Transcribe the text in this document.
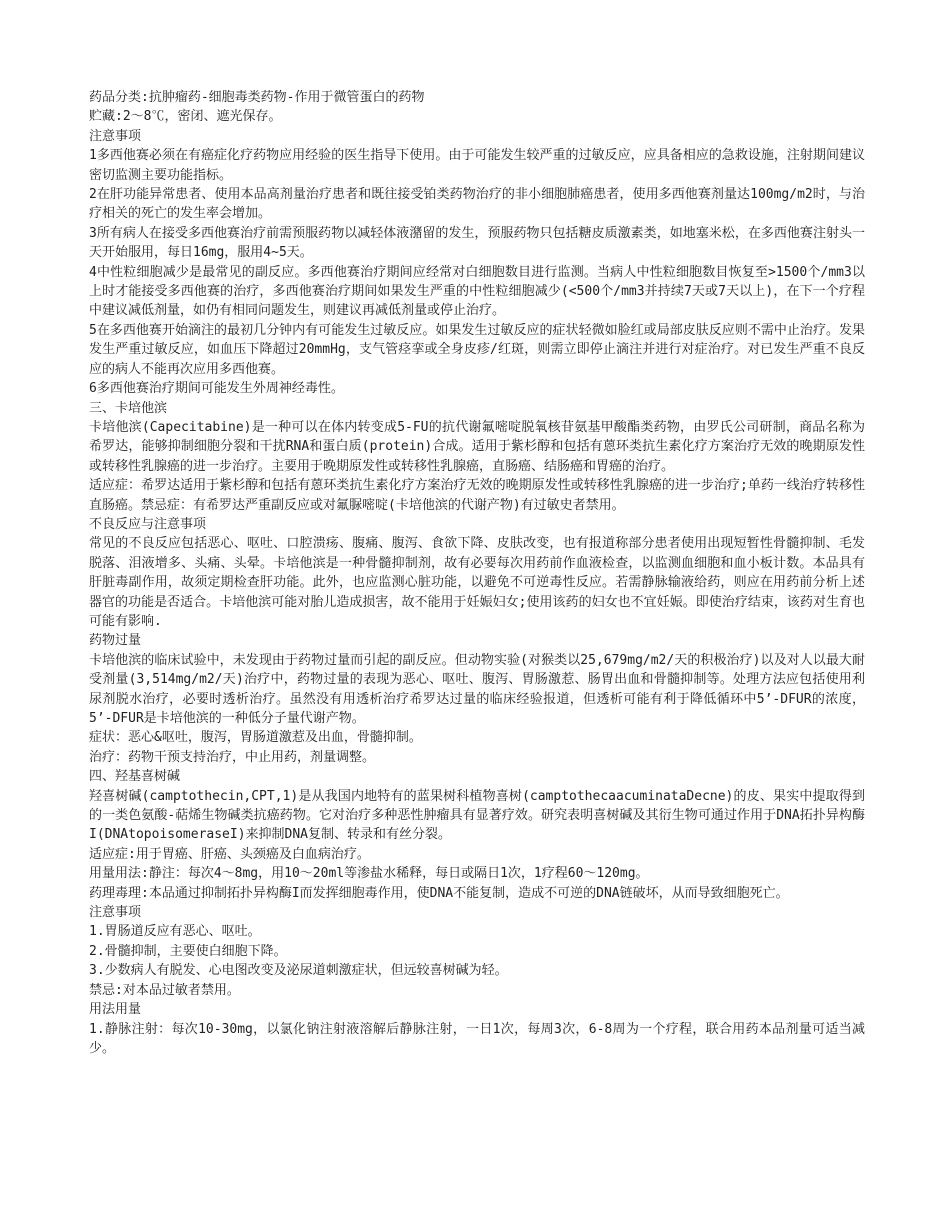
药品分类:抗肿瘤药-细胞毒类药物-作用于微管蛋白的药物

贮藏:2～8℃，密闭、遮光保存。

注意事项

1多西他赛必须在有癌症化疗药物应用经验的医生指导下使用。由于可能发生较严重的过敏反应，应具备相应的急救设施，注射期间建议密切监测主要功能指标。

2在肝功能异常患者、使用本品高剂量治疗患者和既往接受铂类药物治疗的非小细胞肺癌患者，使用多西他赛剂量达100mg/m2时，与治疗相关的死亡的发生率会增加。

3所有病人在接受多西他赛治疗前需预服药物以减轻体液潴留的发生，预服药物只包括糖皮质激素类，如地塞米松，在多西他赛注射头一天开始服用，每日16mg，服用4~5天。

4中性粒细胞减少是最常见的副反应。多西他赛治疗期间应经常对白细胞数目进行监测。当病人中性粒细胞数目恢复至>1500个/mm3以上时才能接受多西他赛的治疗，多西他赛治疗期间如果发生严重的中性粒细胞减少(<500个/mm3并持续7天或7天以上)，在下一个疗程中建议减低剂量，如仍有相同问题发生，则建议再减低剂量或停止治疗。

5在多西他赛开始滴注的最初几分钟内有可能发生过敏反应。如果发生过敏反应的症状轻微如脸红或局部皮肤反应则不需中止治疗。发果发生严重过敏反应，如血压下降超过20mmHg，支气管痉挛或全身皮疹/红斑，则需立即停止滴注并进行对症治疗。对已发生严重不良反应的病人不能再次应用多西他赛。

6多西他赛治疗期间可能发生外周神经毒性。

三、卡培他滨

卡培他滨(Capecitabine)是一种可以在体内转变成5-FU的抗代谢氟嘧啶脱氧核苷氨基甲酸酯类药物，由罗氏公司研制，商品名称为希罗达，能够抑制细胞分裂和干扰RNA和蛋白质(protein)合成。适用于紫杉醇和包括有蒽环类抗生素化疗方案治疗无效的晚期原发性或转移性乳腺癌的进一步治疗。主要用于晚期原发性或转移性乳腺癌，直肠癌、结肠癌和胃癌的治疗。

适应症：希罗达适用于紫杉醇和包括有蒽环类抗生素化疗方案治疗无效的晚期原发性或转移性乳腺癌的进一步治疗;单药一线治疗转移性直肠癌。禁忌症：有希罗达严重副反应或对氟脲嘧啶(卡培他滨的代谢产物)有过敏史者禁用。

不良反应与注意事项

常见的不良反应包括恶心、呕吐、口腔溃疡、腹痛、腹泻、食欲下降、皮肤改变，也有报道称部分患者使用出现短暂性骨髓抑制、毛发脱落、泪液增多、头痛、头晕。卡培他滨是一种骨髓抑制剂，故有必要每次用药前作血液检查，以监测血细胞和血小板计数。本品具有肝脏毒副作用，故须定期检查肝功能。此外，也应监测心脏功能，以避免不可逆毒性反应。若需静脉输液给药，则应在用药前分析上述器官的功能是否适合。卡培他滨可能对胎儿造成损害，故不能用于妊娠妇女;使用该药的妇女也不宜妊娠。即使治疗结束，该药对生育也可能有影响.

药物过量

卡培他滨的临床试验中，未发现由于药物过量而引起的副反应。但动物实验(对猴类以25,679mg/m2/天的积极治疗)以及对人以最大耐受剂量(3,514mg/m2/天)治疗中，药物过量的表现为恶心、呕吐、腹泻、胃肠激惹、肠胃出血和骨髓抑制等。处理方法应包括使用利尿剂脱水治疗，必要时透析治疗。虽然没有用透析治疗希罗达过量的临床经验报道，但透析可能有利于降低循环中5’-DFUR的浓度，5’-DFUR是卡培他滨的一种低分子量代谢产物。

症状：恶心&呕吐，腹泻，胃肠道激惹及出血，骨髓抑制。

治疗：药物干预支持治疗，中止用药，剂量调整。

四、羟基喜树碱

羟喜树碱(camptothecin,CPT,1)是从我国内地特有的蓝果树科植物喜树(camptothecaacuminataDecne)的皮、果实中提取得到的一类色氨酸-萜烯生物碱类抗癌药物。它对治疗多种恶性肿瘤具有显著疗效。研究表明喜树碱及其衍生物可通过作用于DNA拓扑异构酶I(DNAtopoisomeraseI)来抑制DNA复制、转录和有丝分裂。

适应症:用于胃癌、肝癌、头颈癌及白血病治疗。

用量用法:静注：每次4～8mg，用10～20ml等渗盐水稀释，每日或隔日1次，1疗程60～120mg。

药理毒理:本品通过抑制拓扑异构酶I而发挥细胞毒作用，使DNA不能复制，造成不可逆的DNA链破坏，从而导致细胞死亡。

注意事项

1.胃肠道反应有恶心、呕吐。

2.骨髓抑制，主要使白细胞下降。

3.少数病人有脱发、心电图改变及泌尿道刺激症状，但远较喜树碱为轻。

禁忌:对本品过敏者禁用。

用法用量

1.静脉注射：每次10-30mg，以氯化钠注射液溶解后静脉注射，一日1次，每周3次，6-8周为一个疗程，联合用药本品剂量可适当减少。
